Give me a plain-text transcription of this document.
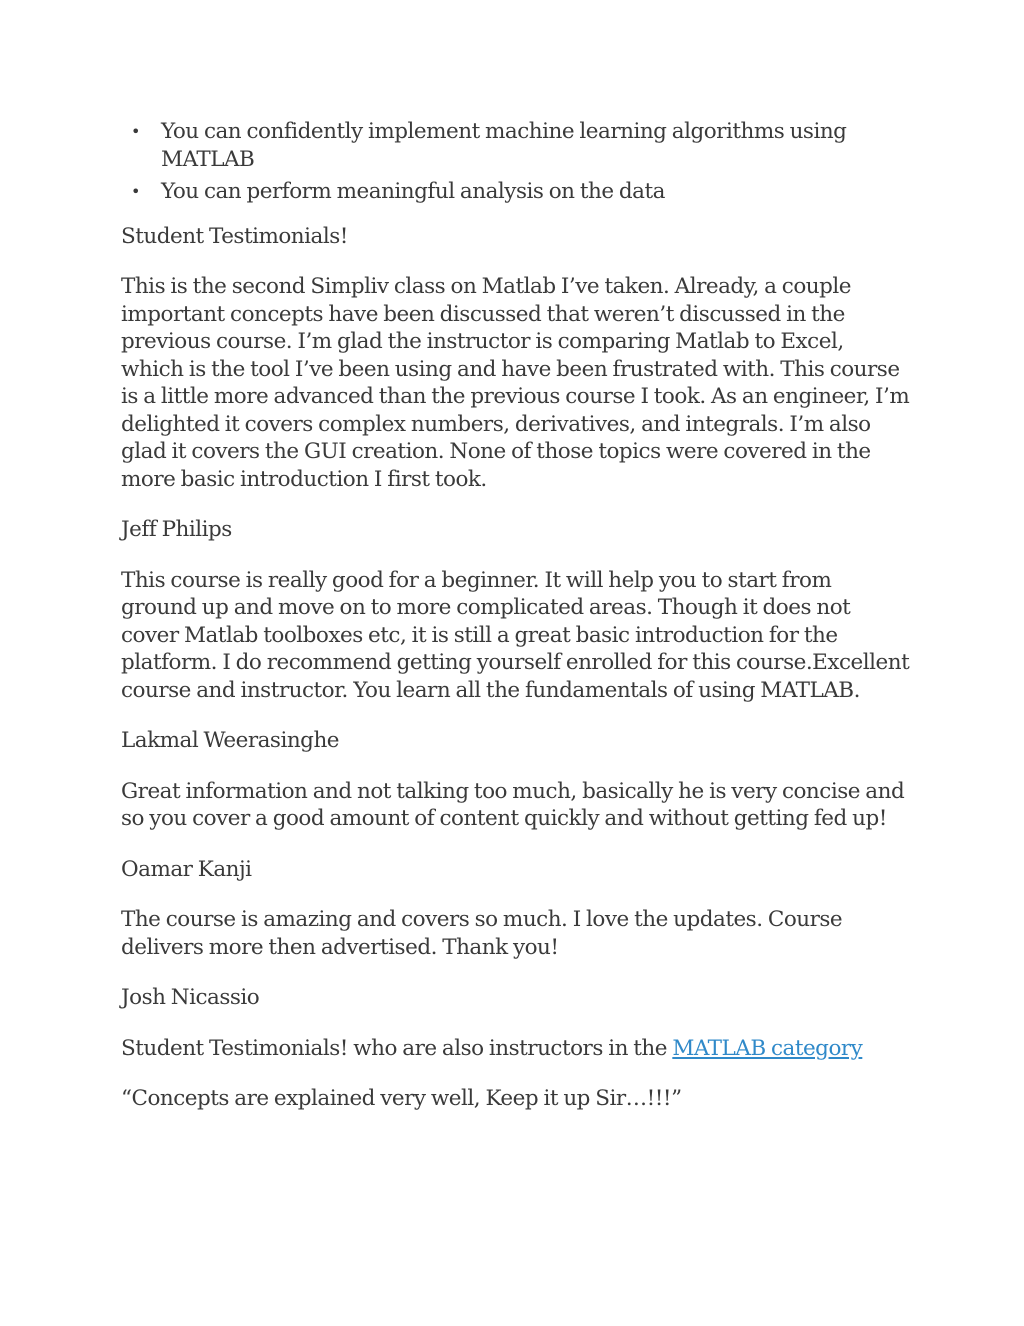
• You can confidently implement machine learning algorithms using MATLAB
• You can perform meaningful analysis on the data

Student Testimonials!

This is the second Simpliv class on Matlab I’ve taken. Already, a couple important concepts have been discussed that weren’t discussed in the previous course. I’m glad the instructor is comparing Matlab to Excel, which is the tool I’ve been using and have been frustrated with. This course is a little more advanced than the previous course I took. As an engineer, I’m delighted it covers complex numbers, derivatives, and integrals. I’m also glad it covers the GUI creation. None of those topics were covered in the more basic introduction I first took.

Jeff Philips

This course is really good for a beginner. It will help you to start from ground up and move on to more complicated areas. Though it does not cover Matlab toolboxes etc, it is still a great basic introduction for the platform. I do recommend getting yourself enrolled for this course.Excellent course and instructor. You learn all the fundamentals of using MATLAB.

Lakmal Weerasinghe

Great information and not talking too much, basically he is very concise and so you cover a good amount of content quickly and without getting fed up!

Oamar Kanji

The course is amazing and covers so much. I love the updates. Course delivers more then advertised. Thank you!

Josh Nicassio

Student Testimonials! who are also instructors in the MATLAB category

“Concepts are explained very well, Keep it up Sir…!!!”
